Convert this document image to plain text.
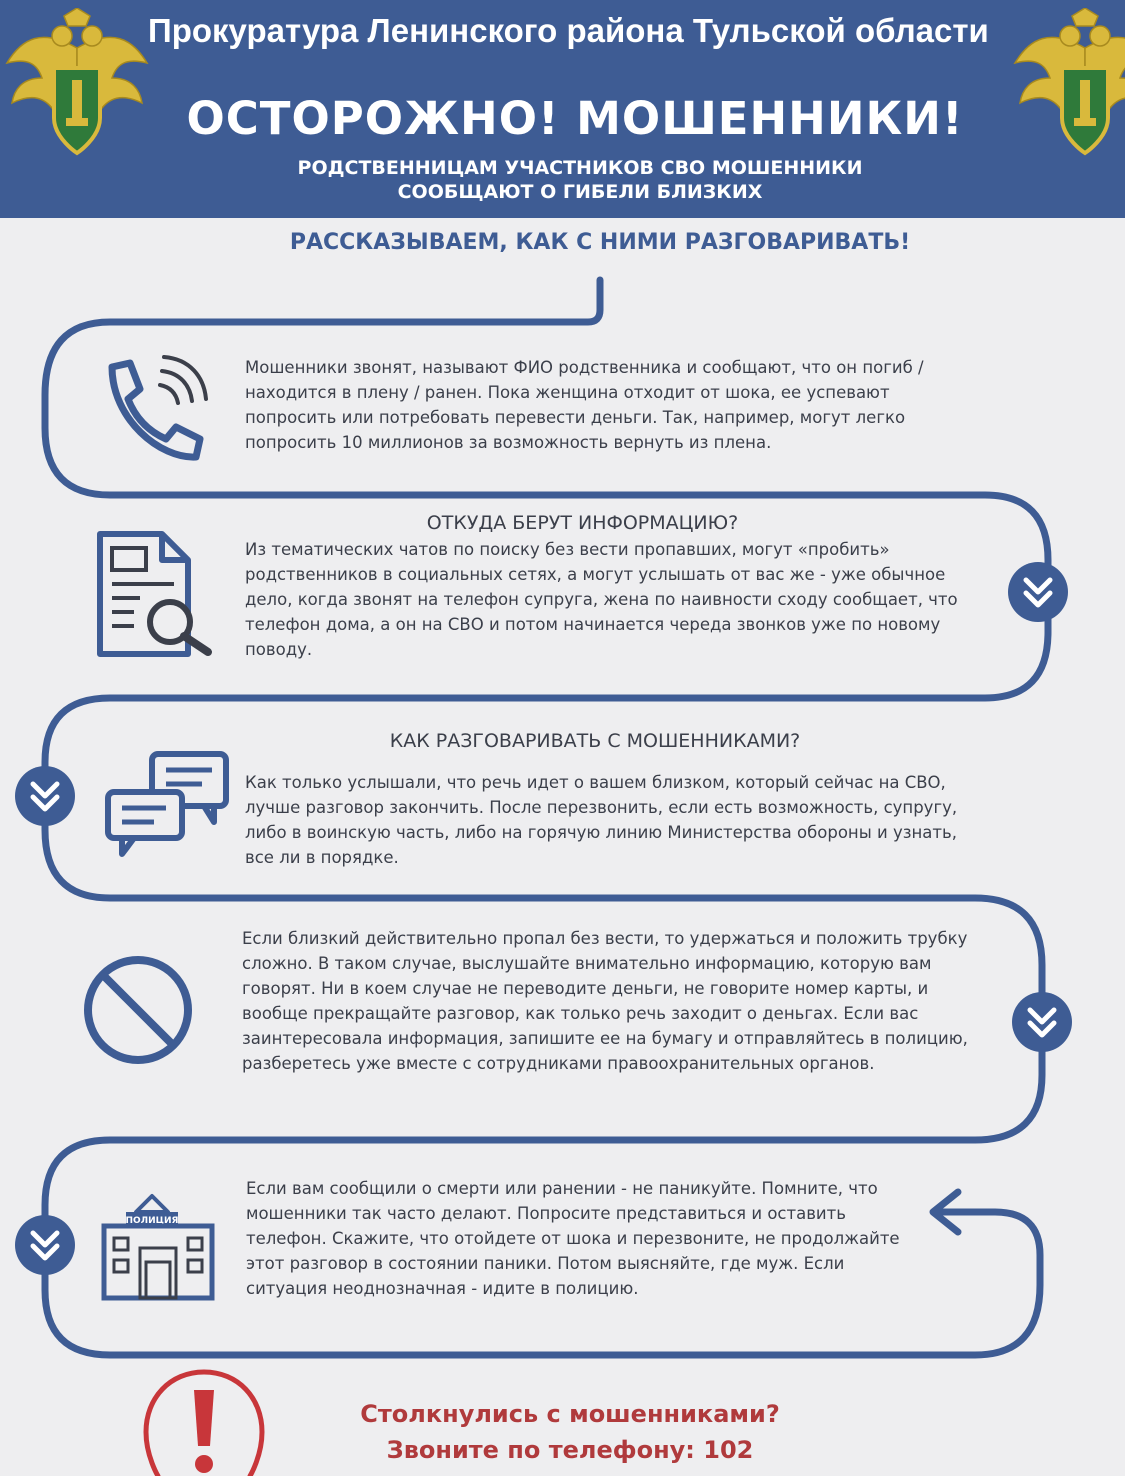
Прокуратура Ленинского района Тульской области
ОСТОРОЖНО! МОШЕННИКИ!
РОДСТВЕННИЦАМ УЧАСТНИКОВ СВО МОШЕННИКИ
СООБЩАЮТ О ГИБЕЛИ БЛИЗКИХ
РАССКАЗЫВАЕМ, КАК С НИМИ РАЗГОВАРИВАТЬ!
Мошенники звонят, называют ФИО родственника и сообщают, что он погиб / находится в плену / ранен. Пока женщина отходит от шока, ее успевают попросить или потребовать перевести деньги. Так, например, могут легко попросить 10 миллионов за возможность вернуть из плена.
ОТКУДА БЕРУТ ИНФОРМАЦИЮ?
Из тематических чатов по поиску без вести пропавших, могут «пробить» родственников в социальных сетях, а могут услышать от вас же - уже обычное дело, когда звонят на телефон супруга, жена по наивности сходу сообщает, что телефон дома, а он на СВО и потом начинается череда звонков уже по новому поводу.
КАК РАЗГОВАРИВАТЬ С МОШЕННИКАМИ?
Как только услышали, что речь идет о вашем близком, который сейчас на СВО, лучше разговор закончить. После перезвонить, если есть возможность, супругу, либо в воинскую часть, либо на горячую линию Министерства обороны и узнать, все ли в порядке.
Если близкий действительно пропал без вести, то удержаться и положить трубку сложно. В таком случае, выслушайте внимательно информацию, которую вам говорят. Ни в коем случае не переводите деньги, не говорите номер карты, и вообще прекращайте разговор, как только речь заходит о деньгах. Если вас заинтересовала информация, запишите ее на бумагу и отправляйтесь в полицию, разберетесь уже вместе с сотрудниками правоохранительных органов.
ПОЛИЦИЯ
Если вам сообщили о смерти или ранении - не паникуйте. Помните, что мошенники так часто делают. Попросите представиться и оставить телефон. Скажите, что отойдете от шока и перезвоните, не продолжайте этот разговор в состоянии паники. Потом выясняйте, где муж. Если ситуация неоднозначная - идите в полицию.
Столкнулись с мошенниками?
Звоните по телефону: 102
